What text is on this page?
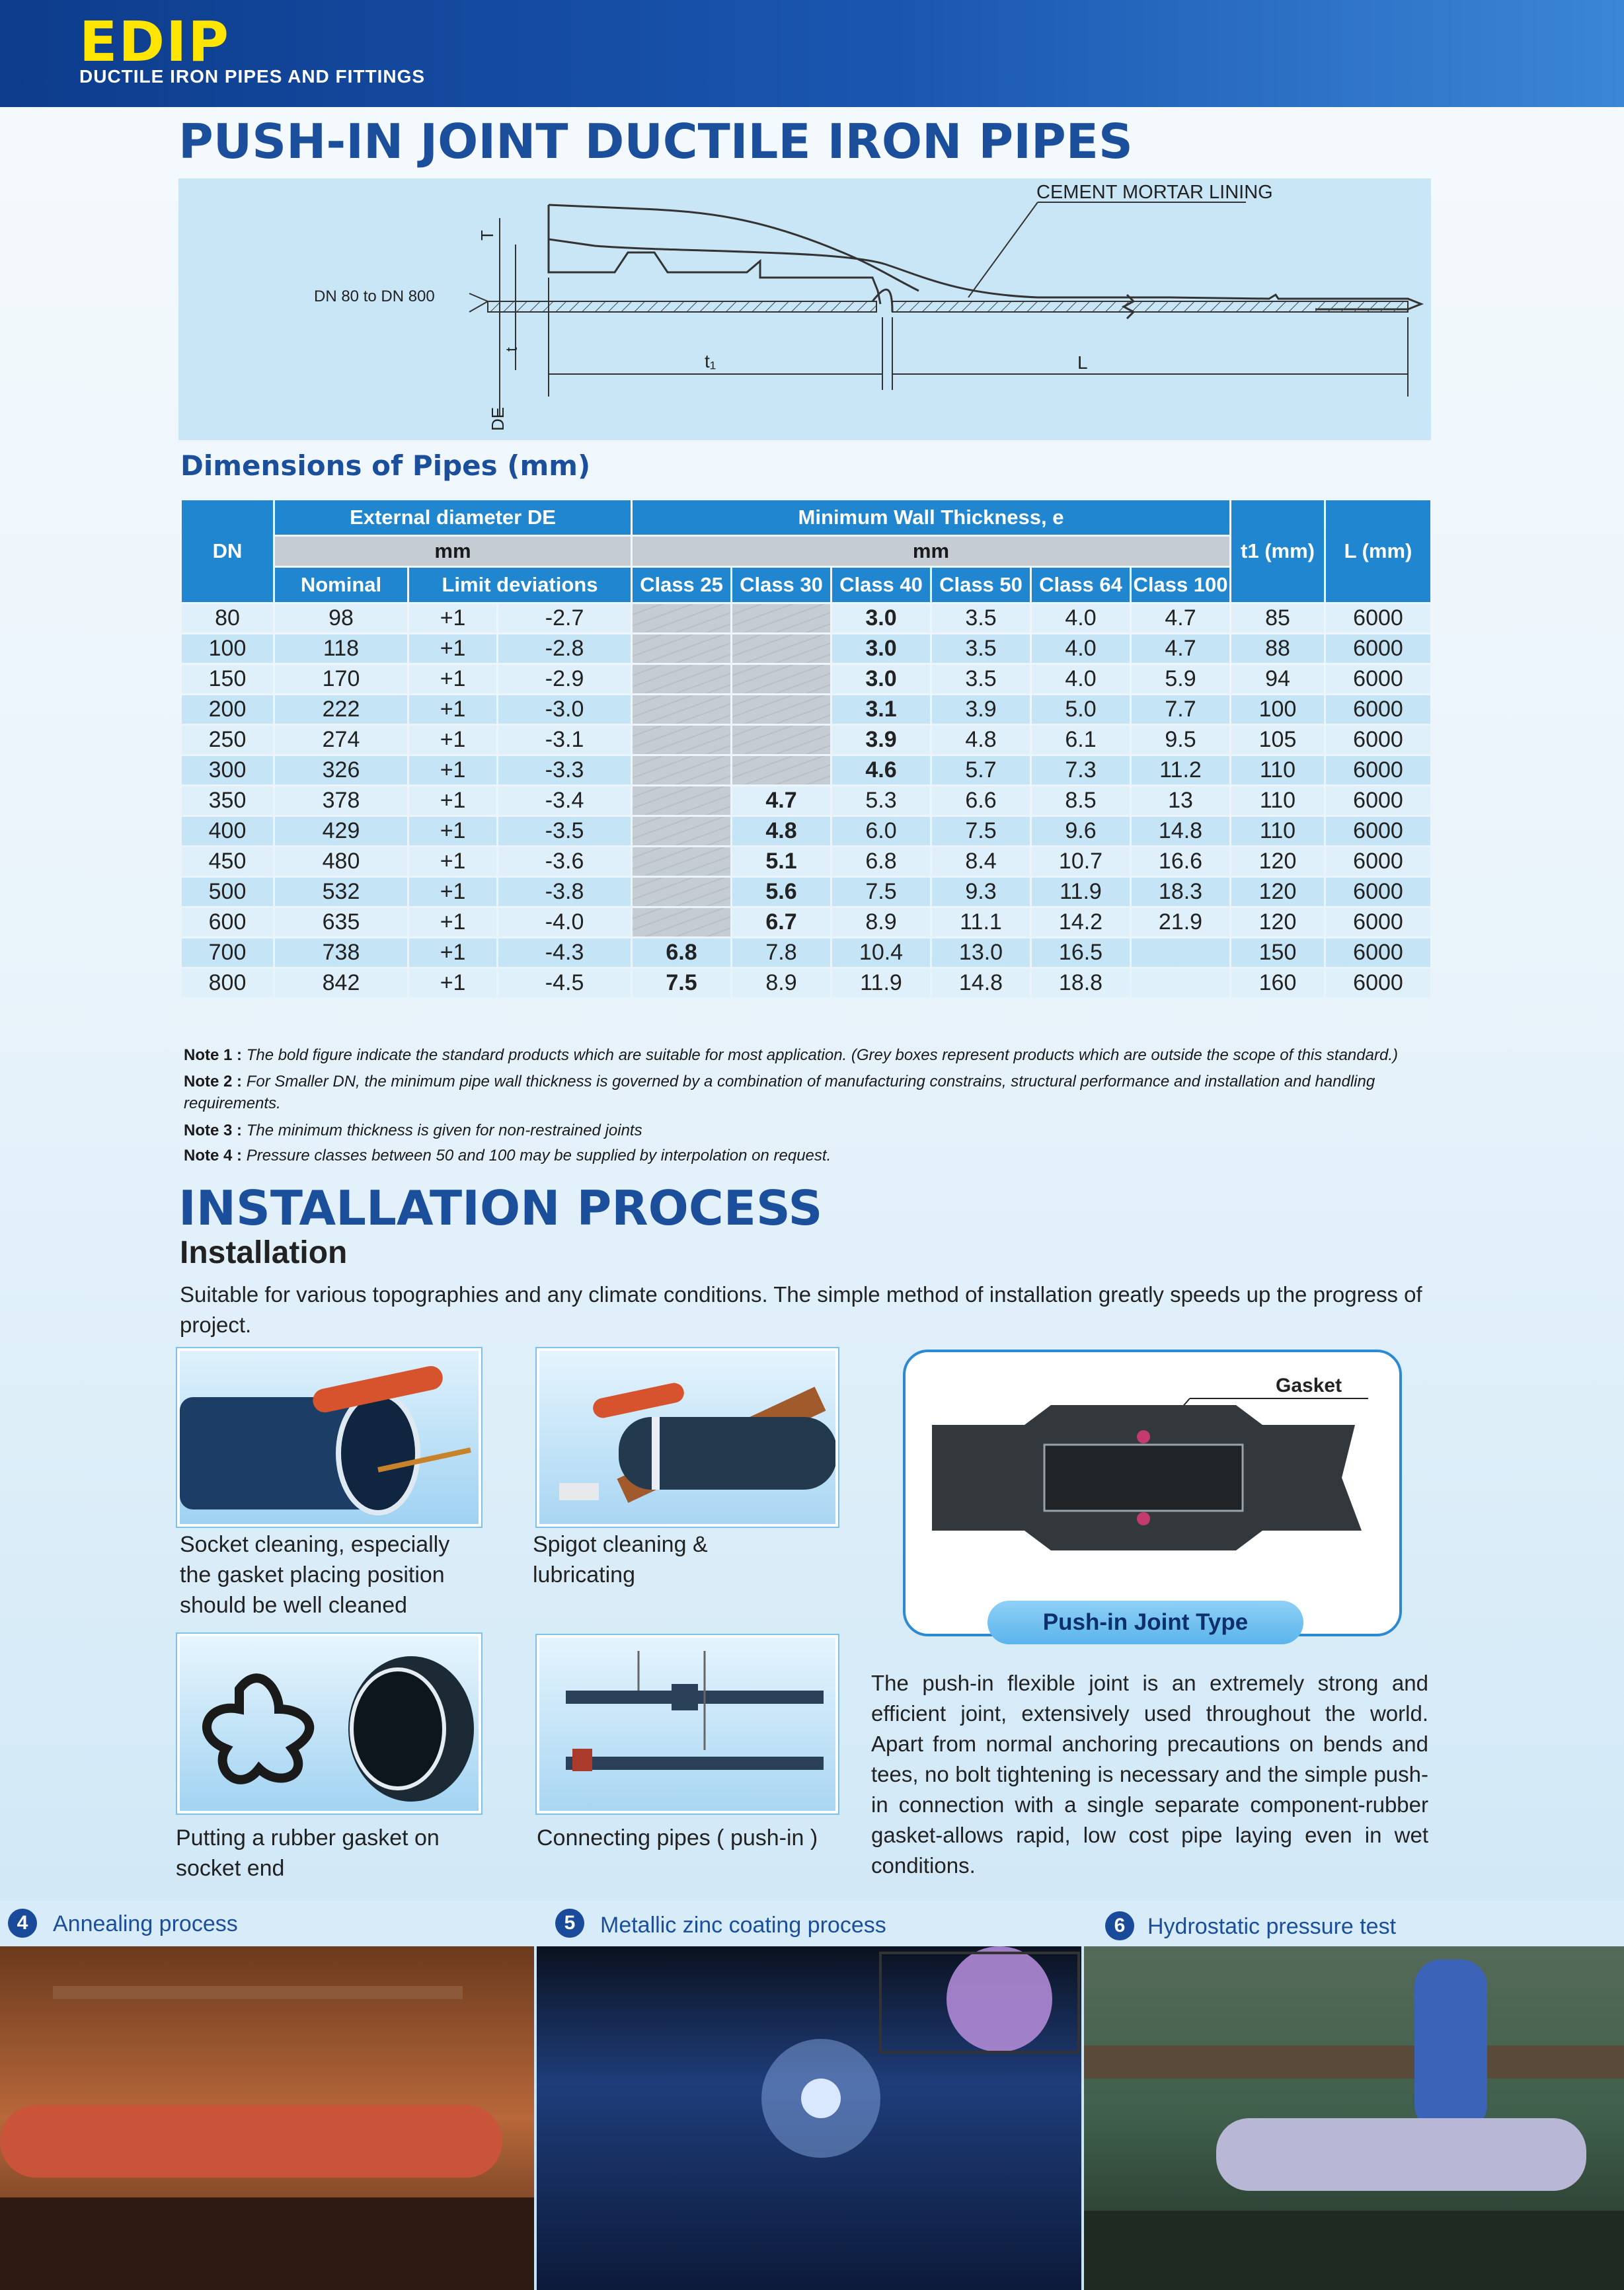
EDIP
DUCTILE IRON PIPES AND FITTINGS
PUSH-IN JOINT DUCTILE IRON PIPES
CEMENT MORTAR LINING
DN 80 to DN 800
T
t
DE
t₁	L
Dimensions of Pipes (mm)
DN	External diameter DE			Minimum Wall Thickness, e						t1 (mm)	L (mm)
	mm			mm							
	Nominal	Limit deviations		Class 25	Class 30	Class 40	Class 50	Class 64	Class 100		
80	98	+1	-2.7			3.0	3.5	4.0	4.7	85	6000
100	118	+1	-2.8			3.0	3.5	4.0	4.7	88	6000
150	170	+1	-2.9			3.0	3.5	4.0	5.9	94	6000
200	222	+1	-3.0			3.1	3.9	5.0	7.7	100	6000
250	274	+1	-3.1			3.9	4.8	6.1	9.5	105	6000
300	326	+1	-3.3			4.6	5.7	7.3	11.2	110	6000
350	378	+1	-3.4		4.7	5.3	6.6	8.5	13	110	6000
400	429	+1	-3.5		4.8	6.0	7.5	9.6	14.8	110	6000
450	480	+1	-3.6		5.1	6.8	8.4	10.7	16.6	120	6000
500	532	+1	-3.8		5.6	7.5	9.3	11.9	18.3	120	6000
600	635	+1	-4.0		6.7	8.9	11.1	14.2	21.9	120	6000
700	738	+1	-4.3	6.8	7.8	10.4	13.0	16.5		150	6000
800	842	+1	-4.5	7.5	8.9	11.9	14.8	18.8		160	6000
Note 1 : The bold figure indicate the standard products which are suitable for most application. (Grey boxes represent products which are outside the scope of this standard.)
Note 2 : For Smaller DN, the minimum pipe wall thickness is governed by a combination of manufacturing constrains, structural performance and installation and handling requirements.
Note 3 : The minimum thickness is given for non-restrained joints
Note 4 : Pressure classes between 50 and 100 may be supplied by interpolation on request.
INSTALLATION PROCESS
Installation
Suitable for various topographies and any climate conditions. The simple method of installation greatly speeds up the progress of project.
Socket cleaning, especially the gasket placing position should be well cleaned
Spigot cleaning & lubricating
Gasket
Push-in Joint Type
Putting a rubber gasket on socket end
Connecting pipes ( push-in )
The push-in flexible joint is an extremely strong and efficient joint, extensively used throughout the world. Apart from normal anchoring precautions on bends and tees, no bolt tightening is necessary and the simple push-in connection with a single separate component-rubber gasket-allows rapid, low cost pipe laying even in wet conditions.
4	Annealing process	5	Metallic zinc coating process	6 Hydrostatic pressure test
